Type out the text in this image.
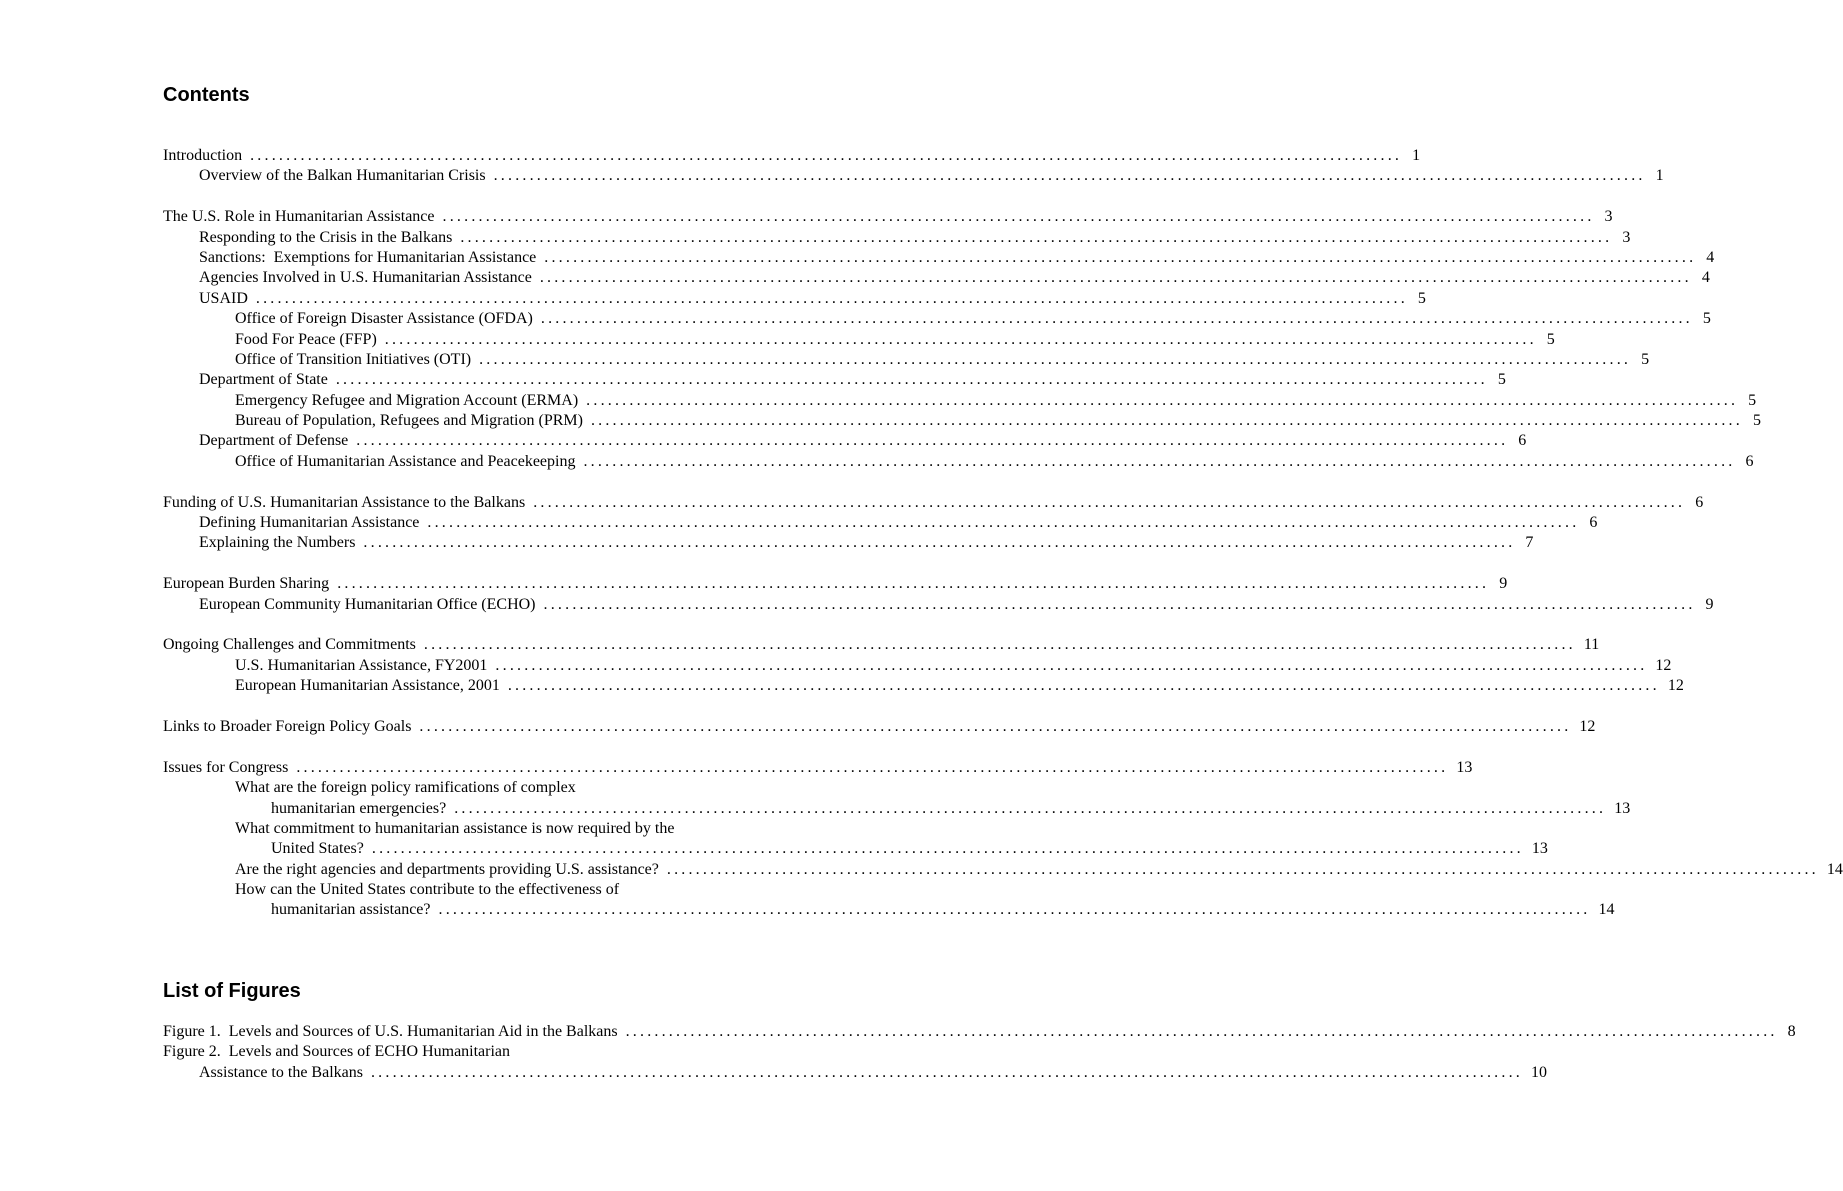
Contents
Introduction ................................................................................................................................................................ 1
Overview of the Balkan Humanitarian Crisis ................................................................................................................................................................ 1
The U.S. Role in Humanitarian Assistance ................................................................................................................................................................ 3
Responding to the Crisis in the Balkans ................................................................................................................................................................ 3
Sanctions:  Exemptions for Humanitarian Assistance ................................................................................................................................................................ 4
Agencies Involved in U.S. Humanitarian Assistance ................................................................................................................................................................ 4
USAID ................................................................................................................................................................ 5
Office of Foreign Disaster Assistance (OFDA) ................................................................................................................................................................ 5
Food For Peace (FFP) ................................................................................................................................................................ 5
Office of Transition Initiatives (OTI) ................................................................................................................................................................ 5
Department of State ................................................................................................................................................................ 5
Emergency Refugee and Migration Account (ERMA) ................................................................................................................................................................ 5
Bureau of Population, Refugees and Migration (PRM) ................................................................................................................................................................ 5
Department of Defense ................................................................................................................................................................ 6
Office of Humanitarian Assistance and Peacekeeping ................................................................................................................................................................ 6
Funding of U.S. Humanitarian Assistance to the Balkans ................................................................................................................................................................ 6
Defining Humanitarian Assistance ................................................................................................................................................................ 6
Explaining the Numbers ................................................................................................................................................................ 7
European Burden Sharing ................................................................................................................................................................ 9
European Community Humanitarian Office (ECHO) ................................................................................................................................................................ 9
Ongoing Challenges and Commitments ................................................................................................................................................................ 11
U.S. Humanitarian Assistance, FY2001 ................................................................................................................................................................ 12
European Humanitarian Assistance, 2001 ................................................................................................................................................................ 12
Links to Broader Foreign Policy Goals ................................................................................................................................................................ 12
Issues for Congress ................................................................................................................................................................ 13
What are the foreign policy ramifications of complex
humanitarian emergencies? ................................................................................................................................................................ 13
What commitment to humanitarian assistance is now required by the
United States? ................................................................................................................................................................ 13
Are the right agencies and departments providing U.S. assistance? ................................................................................................................................................................ 14
How can the United States contribute to the effectiveness of
humanitarian assistance? ................................................................................................................................................................ 14
List of Figures
Figure 1.  Levels and Sources of U.S. Humanitarian Aid in the Balkans ................................................................................................................................................................ 8
Figure 2.  Levels and Sources of ECHO Humanitarian
Assistance to the Balkans ................................................................................................................................................................ 10
